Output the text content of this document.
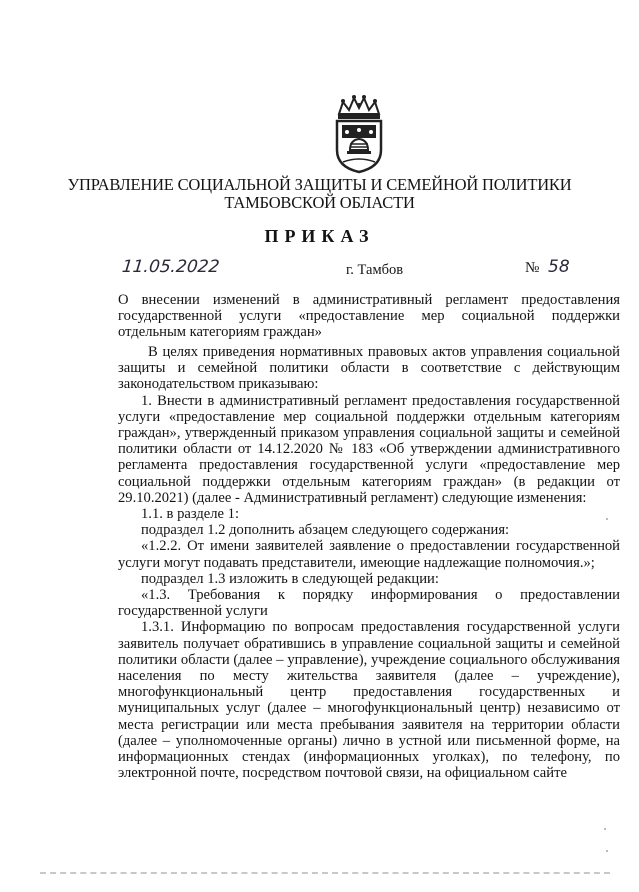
УПРАВЛЕНИЕ СОЦИАЛЬНОЙ ЗАЩИТЫ И СЕМЕЙНОЙ ПОЛИТИКИ
ТАМБОВСКОЙ ОБЛАСТИ
ПРИКАЗ
11.05.2022	г. Тамбов	№ 58
О внесении изменений в административный регламент предоставления государственной услуги «предоставление мер социальной поддержки отдельным категориям граждан»

В целях приведения нормативных правовых актов управления социальной защиты и семейной политики области в соответствие с действующим законодательством приказываю:

1. Внести в административный регламент предоставления государственной услуги «предоставление мер социальной поддержки отдельным категориям граждан», утвержденный приказом управления социальной защиты и семейной политики области от 14.12.2020 № 183 «Об утверждении административного регламента предоставления государственной услуги «предоставление мер социальной поддержки отдельным категориям граждан» (в редакции от 29.10.2021) (далее - Административный регламент) следующие изменения:

1.1. в разделе 1:

подраздел 1.2 дополнить абзацем следующего содержания:

«1.2.2. От имени заявителей заявление о предоставлении государственной услуги могут подавать представители, имеющие надлежащие полномочия.»;

подраздел 1.3 изложить в следующей редакции:

«1.3. Требования к порядку информирования о предоставлении государственной услуги

1.3.1. Информацию по вопросам предоставления государственной услуги заявитель получает обратившись в управление социальной защиты и семейной политики области (далее – управление), учреждение социального обслуживания населения по месту жительства заявителя (далее – учреждение), многофункциональный центр предоставления государственных и муниципальных услуг (далее – многофункциональный центр) независимо от места регистрации или места пребывания заявителя на территории области (далее – уполномоченные органы) лично в устной или письменной форме, на информационных стендах (информационных уголках), по телефону, по электронной почте, посредством почтовой связи, на официальном сайте
